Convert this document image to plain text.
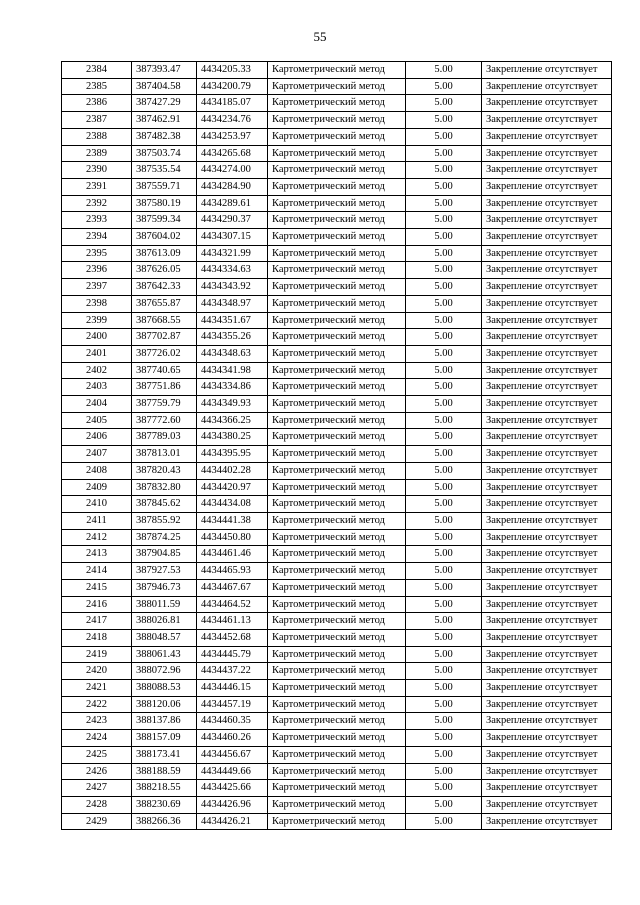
55
2384	387393.47	4434205.33	Картометрический метод	5.00	Закрепление отсутствует
2385	387404.58	4434200.79	Картометрический метод	5.00	Закрепление отсутствует
2386	387427.29	4434185.07	Картометрический метод	5.00	Закрепление отсутствует
2387	387462.91	4434234.76	Картометрический метод	5.00	Закрепление отсутствует
2388	387482.38	4434253.97	Картометрический метод	5.00	Закрепление отсутствует
2389	387503.74	4434265.68	Картометрический метод	5.00	Закрепление отсутствует
2390	387535.54	4434274.00	Картометрический метод	5.00	Закрепление отсутствует
2391	387559.71	4434284.90	Картометрический метод	5.00	Закрепление отсутствует
2392	387580.19	4434289.61	Картометрический метод	5.00	Закрепление отсутствует
2393	387599.34	4434290.37	Картометрический метод	5.00	Закрепление отсутствует
2394	387604.02	4434307.15	Картометрический метод	5.00	Закрепление отсутствует
2395	387613.09	4434321.99	Картометрический метод	5.00	Закрепление отсутствует
2396	387626.05	4434334.63	Картометрический метод	5.00	Закрепление отсутствует
2397	387642.33	4434343.92	Картометрический метод	5.00	Закрепление отсутствует
2398	387655.87	4434348.97	Картометрический метод	5.00	Закрепление отсутствует
2399	387668.55	4434351.67	Картометрический метод	5.00	Закрепление отсутствует
2400	387702.87	4434355.26	Картометрический метод	5.00	Закрепление отсутствует
2401	387726.02	4434348.63	Картометрический метод	5.00	Закрепление отсутствует
2402	387740.65	4434341.98	Картометрический метод	5.00	Закрепление отсутствует
2403	387751.86	4434334.86	Картометрический метод	5.00	Закрепление отсутствует
2404	387759.79	4434349.93	Картометрический метод	5.00	Закрепление отсутствует
2405	387772.60	4434366.25	Картометрический метод	5.00	Закрепление отсутствует
2406	387789.03	4434380.25	Картометрический метод	5.00	Закрепление отсутствует
2407	387813.01	4434395.95	Картометрический метод	5.00	Закрепление отсутствует
2408	387820.43	4434402.28	Картометрический метод	5.00	Закрепление отсутствует
2409	387832.80	4434420.97	Картометрический метод	5.00	Закрепление отсутствует
2410	387845.62	4434434.08	Картометрический метод	5.00	Закрепление отсутствует
2411	387855.92	4434441.38	Картометрический метод	5.00	Закрепление отсутствует
2412	387874.25	4434450.80	Картометрический метод	5.00	Закрепление отсутствует
2413	387904.85	4434461.46	Картометрический метод	5.00	Закрепление отсутствует
2414	387927.53	4434465.93	Картометрический метод	5.00	Закрепление отсутствует
2415	387946.73	4434467.67	Картометрический метод	5.00	Закрепление отсутствует
2416	388011.59	4434464.52	Картометрический метод	5.00	Закрепление отсутствует
2417	388026.81	4434461.13	Картометрический метод	5.00	Закрепление отсутствует
2418	388048.57	4434452.68	Картометрический метод	5.00	Закрепление отсутствует
2419	388061.43	4434445.79	Картометрический метод	5.00	Закрепление отсутствует
2420	388072.96	4434437.22	Картометрический метод	5.00	Закрепление отсутствует
2421	388088.53	4434446.15	Картометрический метод	5.00	Закрепление отсутствует
2422	388120.06	4434457.19	Картометрический метод	5.00	Закрепление отсутствует
2423	388137.86	4434460.35	Картометрический метод	5.00	Закрепление отсутствует
2424	388157.09	4434460.26	Картометрический метод	5.00	Закрепление отсутствует
2425	388173.41	4434456.67	Картометрический метод	5.00	Закрепление отсутствует
2426	388188.59	4434449.66	Картометрический метод	5.00	Закрепление отсутствует
2427	388218.55	4434425.66	Картометрический метод	5.00	Закрепление отсутствует
2428	388230.69	4434426.96	Картометрический метод	5.00	Закрепление отсутствует
2429	388266.36	4434426.21	Картометрический метод	5.00	Закрепление отсутствует
